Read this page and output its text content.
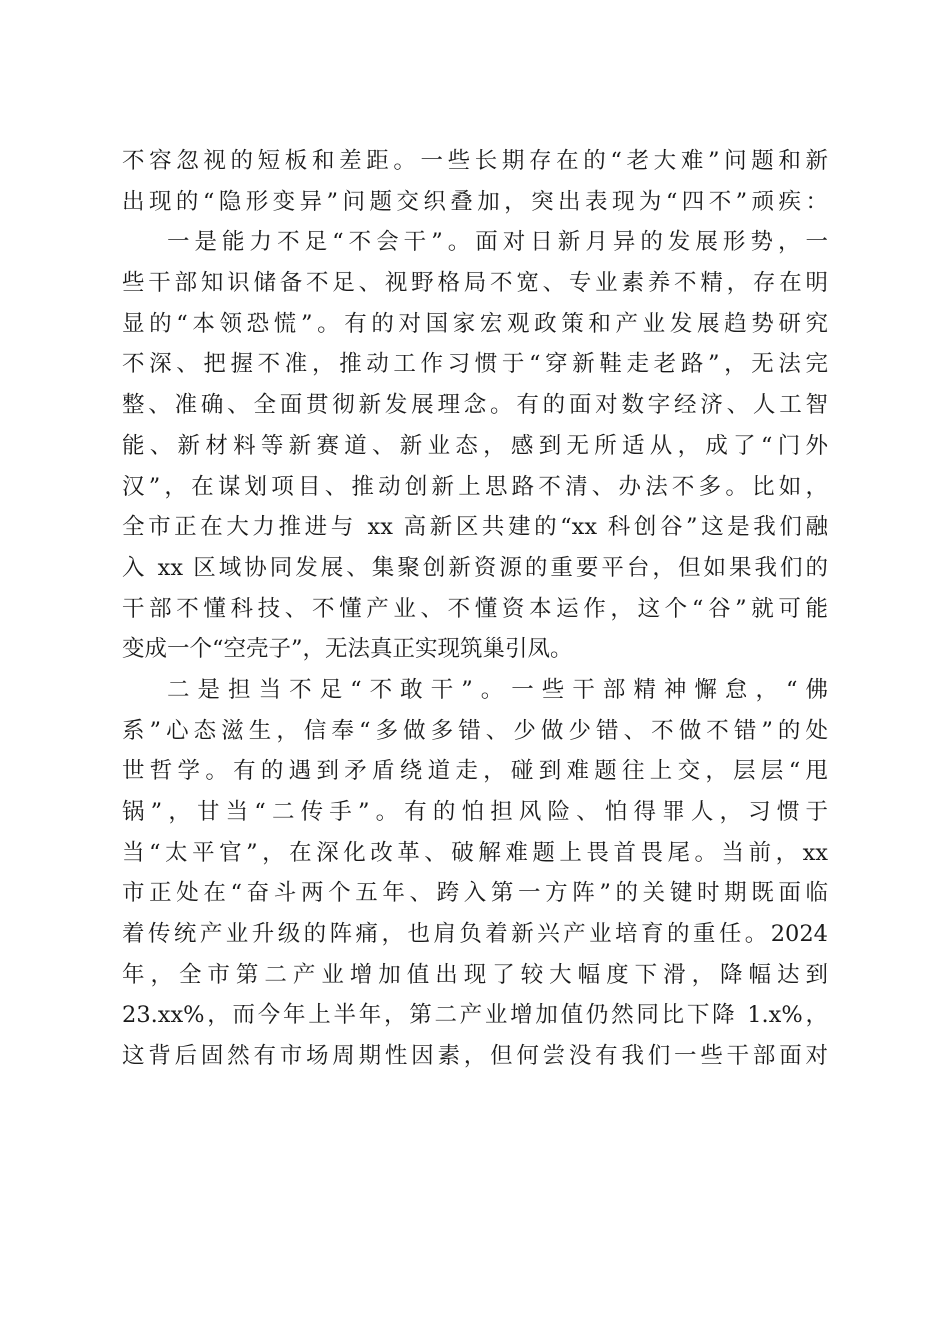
不容忽视的短板和差距。一些长期存在的“老大难”问题和新
出现的“隐形变异”问题交织叠加，突出表现为“四不”顽疾：
一是能力不足“不会干”。面对日新月异的发展形势，一
些干部知识储备不足、视野格局不宽、专业素养不精，存在明
显的“本领恐慌”。有的对国家宏观政策和产业发展趋势研究
不深、把握不准，推动工作习惯于“穿新鞋走老路”，无法完
整、准确、全面贯彻新发展理念。有的面对数字经济、人工智
能、新材料等新赛道、新业态，感到无所适从，成了“门外
汉”，在谋划项目、推动创新上思路不清、办法不多。比如，
全市正在大力推进与 xx 高新区共建的“xx 科创谷”这是我们融
入 xx 区域协同发展、集聚创新资源的重要平台，但如果我们的
干部不懂科技、不懂产业、不懂资本运作，这个“谷”就可能
变成一个“空壳子”，无法真正实现筑巢引凤。
二是担当不足“不敢干”。一些干部精神懈怠，“佛
系”心态滋生，信奉“多做多错、少做少错、不做不错”的处
世哲学。有的遇到矛盾绕道走，碰到难题往上交，层层“甩
锅”，甘当“二传手”。有的怕担风险、怕得罪人，习惯于
当“太平官”，在深化改革、破解难题上畏首畏尾。当前，xx
市正处在“奋斗两个五年、跨入第一方阵”的关键时期既面临
着传统产业升级的阵痛，也肩负着新兴产业培育的重任。2024
年，全市第二产业增加值出现了较大幅度下滑，降幅达到
23.xx%，而今年上半年，第二产业增加值仍然同比下降 1.x%，
这背后固然有市场周期性因素，但何尝没有我们一些干部面对
